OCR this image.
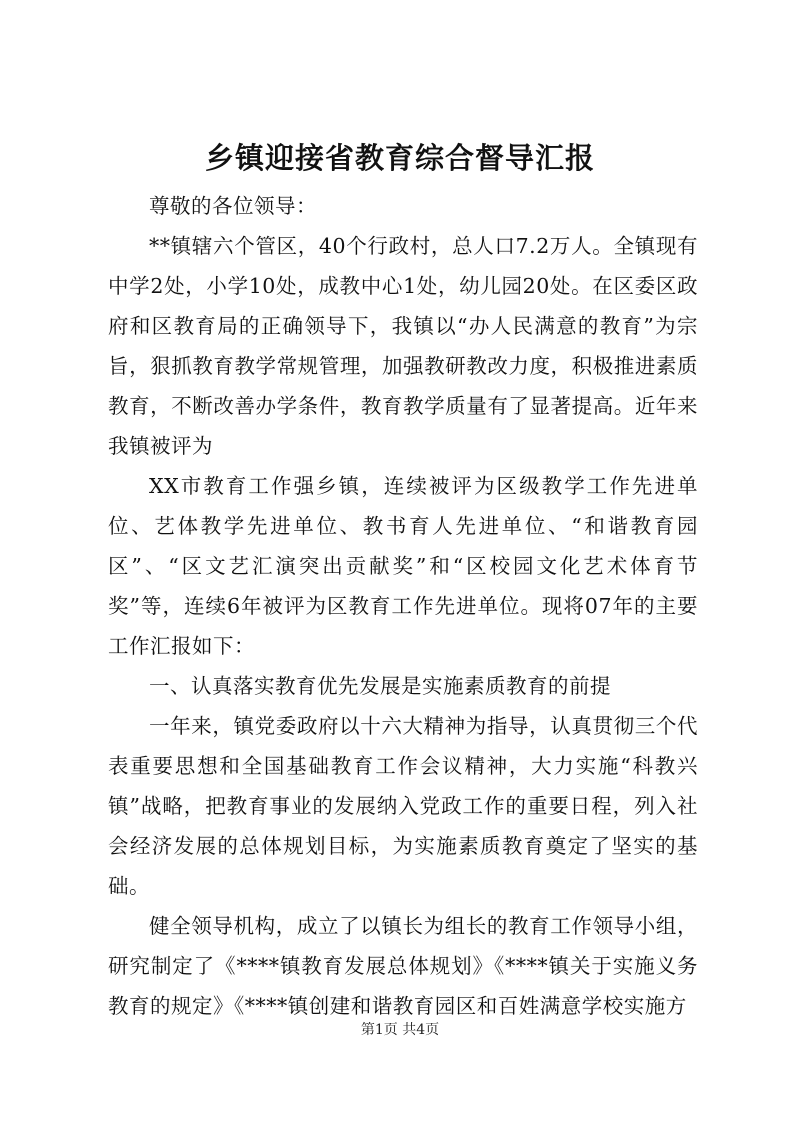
乡镇迎接省教育综合督导汇报

尊敬的各位领导：

**镇辖六个管区，40个行政村，总人口7.2万人。全镇现有中学2处，小学10处，成教中心1处，幼儿园20处。在区委区政府和区教育局的正确领导下，我镇以“办人民满意的教育”为宗旨，狠抓教育教学常规管理，加强教研教改力度，积极推进素质教育，不断改善办学条件，教育教学质量有了显著提高。近年来我镇被评为

XX市教育工作强乡镇，连续被评为区级教学工作先进单位、艺体教学先进单位、教书育人先进单位、“和谐教育园区”、“区文艺汇演突出贡献奖”和“区校园文化艺术体育节奖”等，连续6年被评为区教育工作先进单位。现将07年的主要工作汇报如下：

一、认真落实教育优先发展是实施素质教育的前提

一年来，镇党委政府以十六大精神为指导，认真贯彻三个代表重要思想和全国基础教育工作会议精神，大力实施“科教兴镇”战略，把教育事业的发展纳入党政工作的重要日程，列入社会经济发展的总体规划目标，为实施素质教育奠定了坚实的基础。

健全领导机构，成立了以镇长为组长的教育工作领导小组，研究制定了《****镇教育发展总体规划》《****镇关于实施义务教育的规定》《****镇创建和谐教育园区和百姓满意学校实施方

第1页 共4页
